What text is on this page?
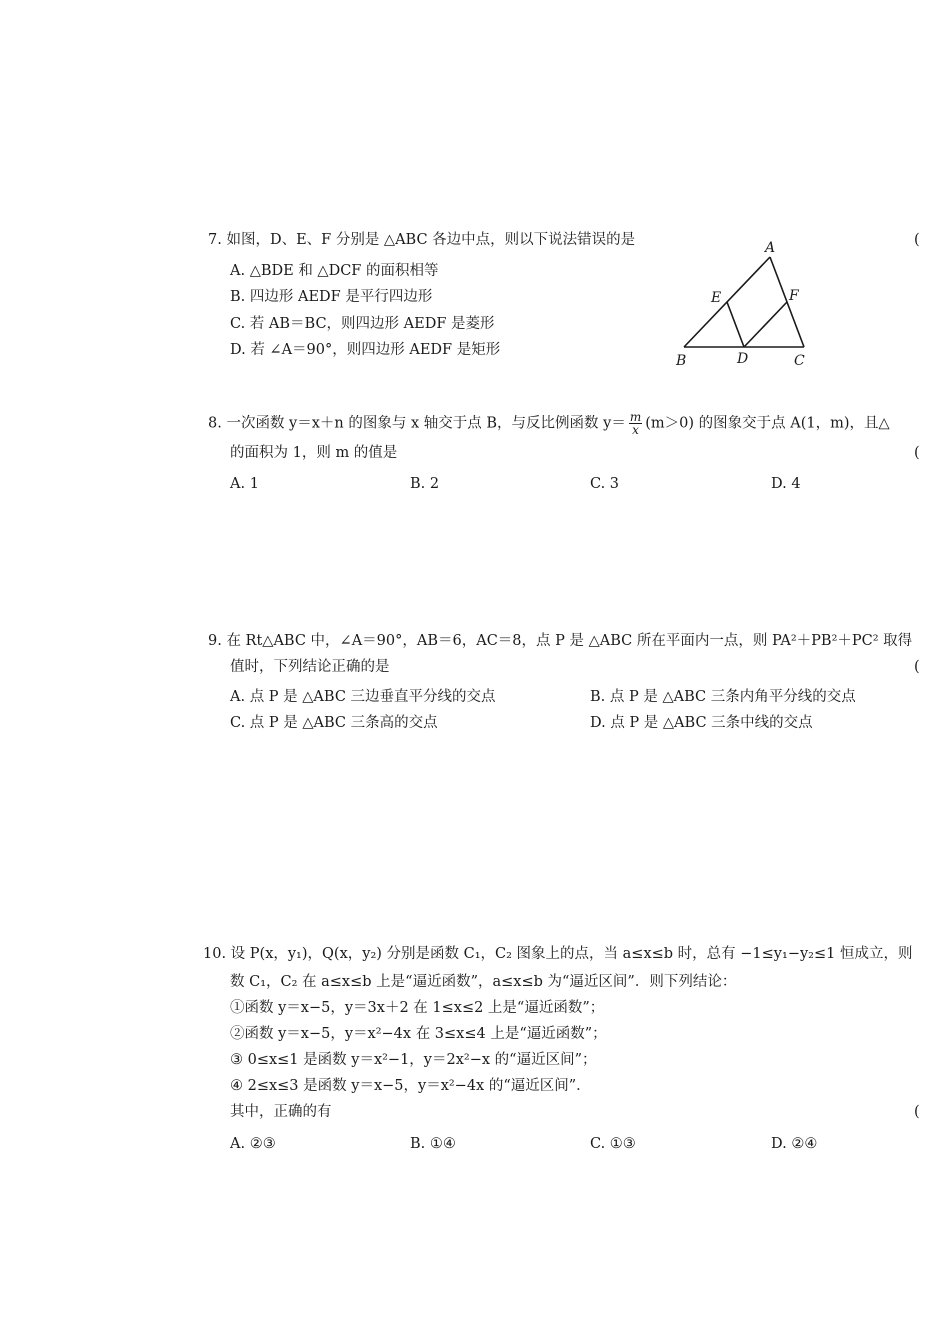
7. 如图，D、E、F 分别是 △ABC 各边中点，则以下说法错误的是	(
A. △BDE 和 △DCF 的面积相等
B. 四边形 AEDF 是平行四边形
C. 若 AB＝BC，则四边形 AEDF 是菱形
D. 若 ∠A＝90°，则四边形 AEDF 是矩形
A
B	C
D
E	F
8. 一次函数 y＝x＋n 的图象与 x 轴交于点 B，与反比例函数 $y= \frac{m}{x} (m>0)$ 的图象交于点 A(1，m)，且△
的面积为 1，则 m 的值是	(
A. 1	B. 2	C. 3	D. 4
9. 在 Rt△ABC 中，∠A＝90°，AB＝6，AC＝8，点 P 是 △ABC 所在平面内一点，则 PA²＋PB²＋PC² 取得
值时，下列结论正确的是	(
A. 点 P 是 △ABC 三边垂直平分线的交点	B. 点 P 是 △ABC 三条内角平分线的交点
C. 点 P 是 △ABC 三条高的交点	D. 点 P 是 △ABC 三条中线的交点
10. 设 P(x，y₁)，Q(x，y₂) 分别是函数 C₁，C₂ 图象上的点，当 a≤x≤b 时，总有 −1≤y₁−y₂≤1 恒成立，则
数 C₁，C₂ 在 a≤x≤b 上是“逼近函数”，a≤x≤b 为“逼近区间”．则下列结论：
①函数 y＝x−5，y＝3x＋2 在 1≤x≤2 上是“逼近函数”；
②函数 y＝x−5，y＝x²−4x 在 3≤x≤4 上是“逼近函数”；
③ 0≤x≤1 是函数 y＝x²−1，y＝2x²−x 的“逼近区间”；
④ 2≤x≤3 是函数 y＝x−5，y＝x²−4x 的“逼近区间”．
其中，正确的有	(
A. ②③	B. ①④	C. ①③	D. ②④
